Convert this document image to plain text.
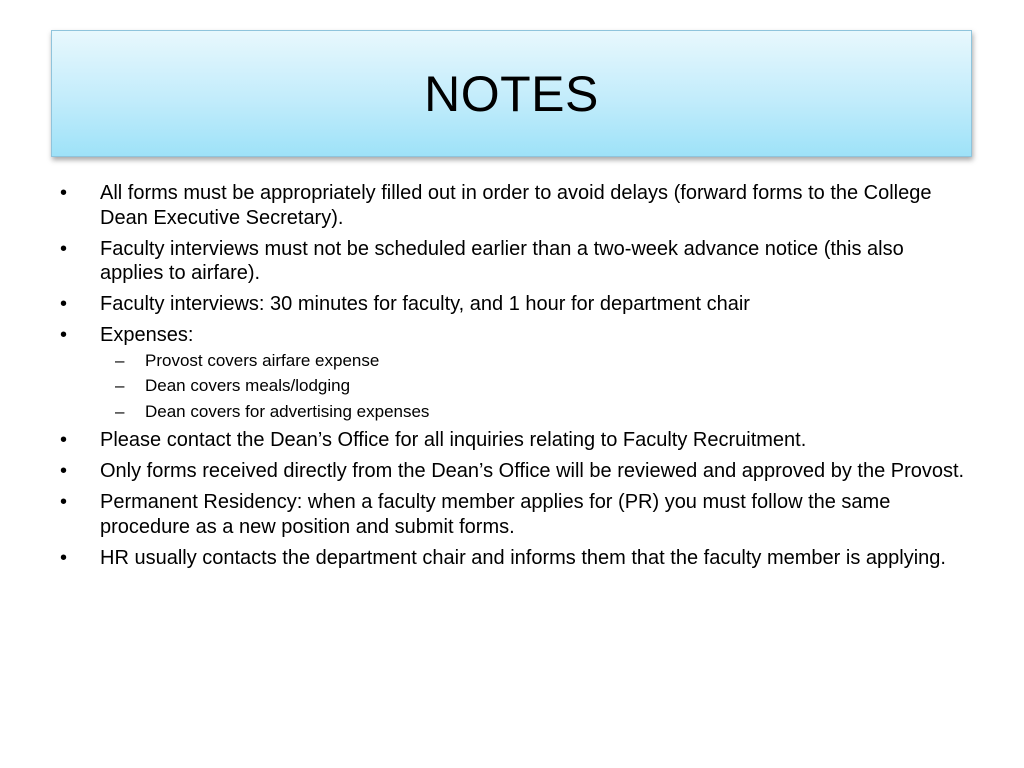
NOTES
• All forms must be appropriately filled out in order to avoid delays (forward forms to the College Dean Executive Secretary).
• Faculty interviews must not be scheduled earlier than a two-week advance notice (this also applies to airfare).
• Faculty interviews: 30 minutes for faculty, and 1 hour for department chair
• Expenses:
– Provost covers airfare expense
– Dean covers meals/lodging
– Dean covers for advertising expenses
• Please contact the Dean’s Office for all inquiries relating to Faculty Recruitment.
• Only forms received directly from the Dean’s Office will be reviewed and approved by the Provost.
• Permanent Residency: when a faculty member applies for (PR) you must follow the same procedure as a new position and submit forms.
• HR usually contacts the department chair and informs them that the faculty member is applying.
